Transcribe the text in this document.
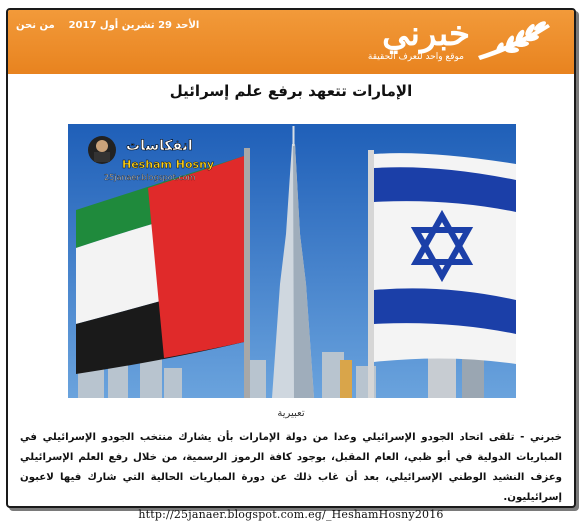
الأحد 29 تشرين أول 2017    من نحن	خبرني
موقع واحد لتعرف الحقيقة
الإمارات تتعهد برفع علم إسرائيل
انفكاسات
Hesham Hosny
25janaer.blogspot.com
تعبيرية
خبرني - تلقى اتحاد الجودو الإسرائيلي وعدا من دولة الإمارات بأن يشارك منتخب الجودو الإسرائيلي في المباريات الدولية في أبو ظبي، العام المقبل، بوجود كافة الرموز الرسمية، من خلال رفع العلم الإسرائيلي وعزف النشيد الوطني الإسرائيلي، بعد أن غاب ذلك عن دورة المباريات الحالية التي شارك فيها لاعبون إسرائيليون.
http://25janaer.blogspot.com.eg/_HeshamHosny2016
